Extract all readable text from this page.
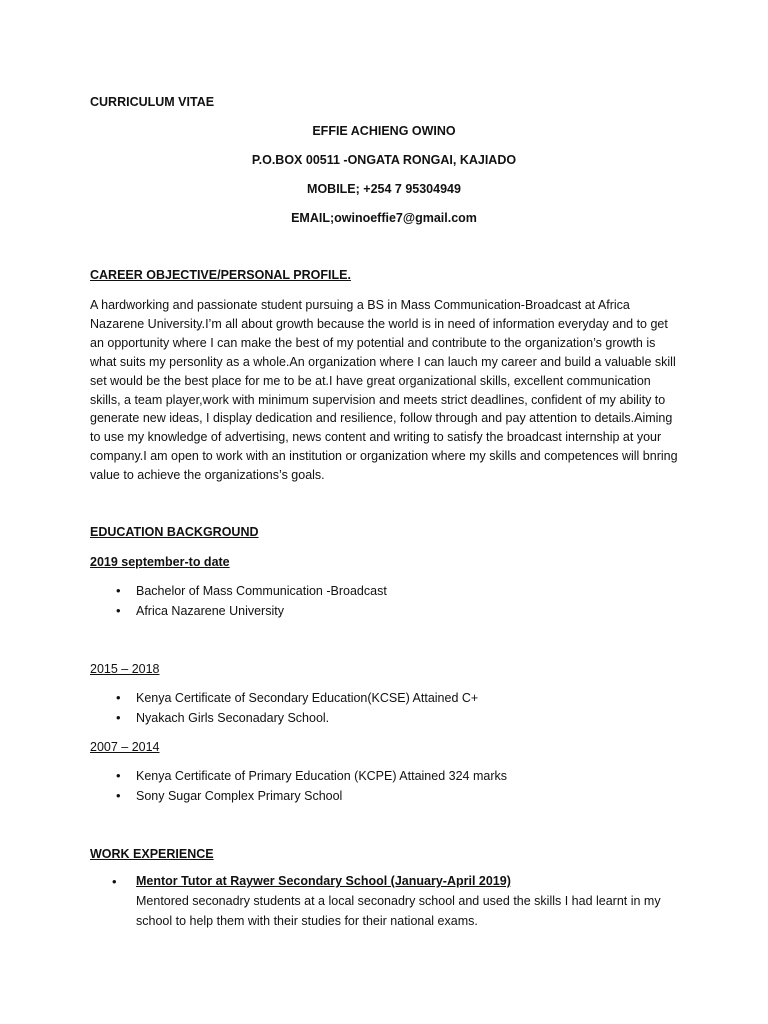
CURRICULUM VITAE
EFFIE ACHIENG OWINO
P.O.BOX 00511 -ONGATA RONGAI, KAJIADO
MOBILE; +254 7 95304949
EMAIL;owinoeffie7@gmail.com
CAREER OBJECTIVE/PERSONAL PROFILE.
A hardworking and passionate student pursuing a BS in Mass Communication-Broadcast at Africa Nazarene University.I’m all about growth because the world is in need of information everyday and to get an opportunity where I can make the best of my potential and contribute to the organization’s growth is what suits my personlity as a whole.An organization where I can lauch my career and build a valuable skill set would be the best place for me to be at.I have great organizational skills, excellent communication skills, a team player,work with minimum supervision and meets strict deadlines, confident of my ability to generate new ideas, I display dedication and resilience, follow through and pay attention to details.Aiming to use my knowledge of advertising, news content and writing to satisfy the broadcast internship at your company.I am open to work with an institution or organization where my skills and competences will bnring value to achieve the organizations’s goals.
EDUCATION BACKGROUND
2019 september-to date
• Bachelor of Mass Communication -Broadcast
• Africa Nazarene University
2015 – 2018
• Kenya Certificate of Secondary Education(KCSE) Attained C+
• Nyakach Girls Seconadary School.
2007 – 2014
• Kenya Certificate of Primary Education (KCPE) Attained 324 marks
• Sony Sugar Complex Primary School
WORK EXPERIENCE
• Mentor Tutor at Raywer Secondary School (January-April 2019)
Mentored seconadry students at a local seconadry school and used the skills I had learnt in my
school to help them with their studies for their national exams.
